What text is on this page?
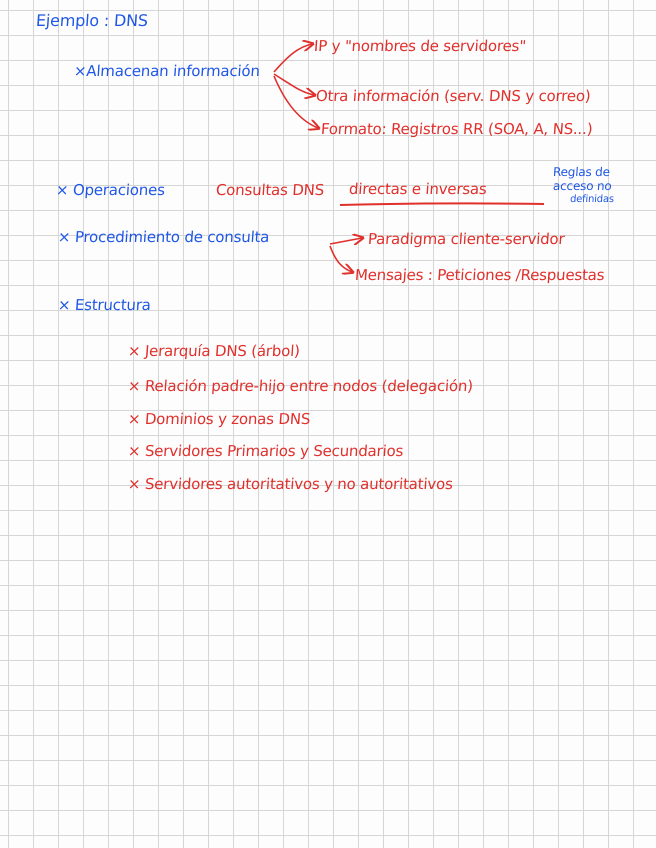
Ejemplo : DNS
×Almacenan información
IP y "nombres de servidores"
Otra información (serv. DNS y correo)
Formato: Registros RR (SOA, A, NS...)
× Operaciones	Consultas DNS directas e inversas
Reglas de
acceso no
definidas
× Procedimiento de consulta	Paradigma cliente-servidor
Mensajes : Peticiones /Respuestas
× Estructura
× Jerarquía DNS (árbol)
× Relación padre-hijo entre nodos (delegación)
× Dominios y zonas DNS
× Servidores Primarios y Secundarios
× Servidores autoritativos y no autoritativos
